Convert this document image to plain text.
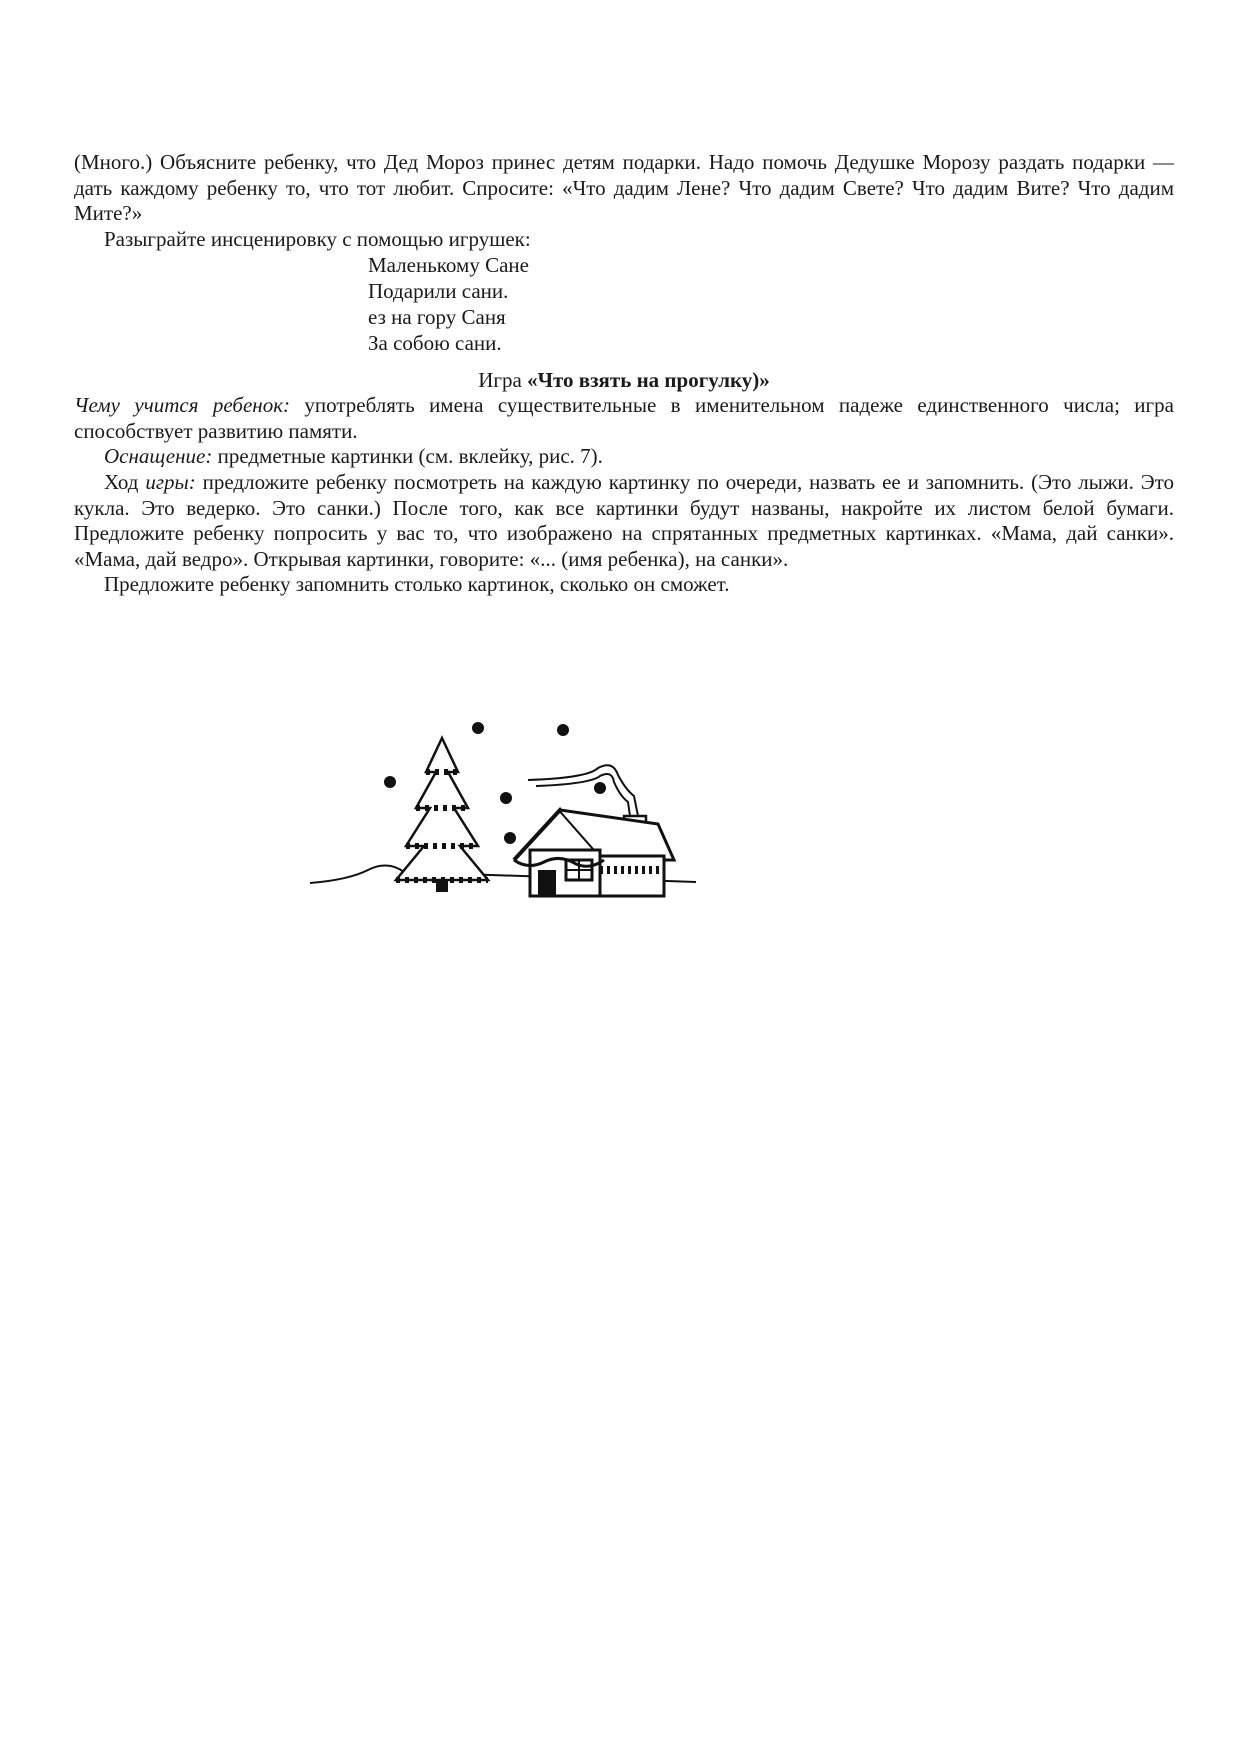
(Много.) Объясните ребенку, что Дед Мороз принес детям подарки. Надо помочь Дедушке Морозу раздать подарки — дать каждому ребенку то, что тот любит. Спросите: «Что дадим Лене? Что дадим Свете? Что дадим Вите? Что дадим Мите?»

Разыграйте инсценировку с помощью игрушек:

Маленькому Сане
Подарили сани.
ез на гору Саня
За собою сани.
Игра «Что взять на прогулку)»

Чему учится ребенок: употреблять имена существительные в именительном падеже единственного числа; игра способствует развитию памяти.

Оснащение: предметные картинки (см. вклейку, рис. 7).

Ход игры: предложите ребенку посмотреть на каждую картинку по очереди, назвать ее и запомнить. (Это лыжи. Это кукла. Это ведерко. Это санки.) После того, как все картинки будут названы, накройте их листом белой бумаги. Предложите ребенку попросить у вас то, что изображено на спрятанных предметных картинках. «Мама, дай санки». «Мама, дай ведро». Открывая картинки, говорите: «... (имя ребенка), на санки».

Предложите ребенку запомнить столько картинок, сколько он сможет.
